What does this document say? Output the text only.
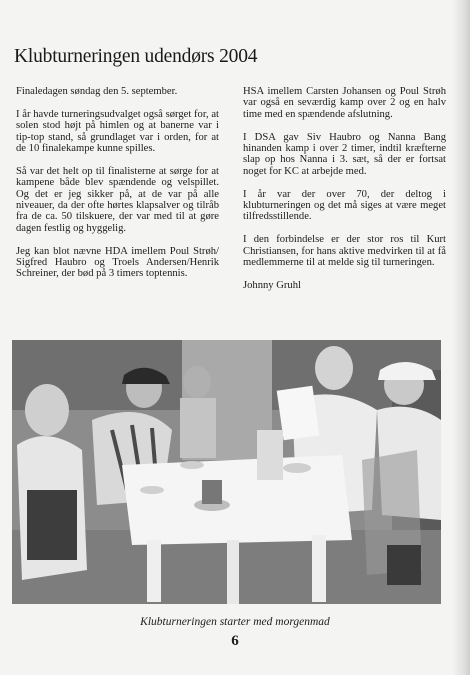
Klubturneringen udendørs 2004

Finaledagen søndag den 5. september.

I år havde turneringsudvalget også sørget for, at solen stod højt på himlen og at banerne var i tip-top stand, så grundlaget var i orden, for at de 10 finalekampe kunne spilles.

Så var det helt op til finalisterne at sørge for at kampene både blev spændende og velspillet. Og det er jeg sikker på, at de var på alle niveauer, da der ofte hørtes klapsalver og tilråb fra de ca. 50 tilskuere, der var med til at gøre dagen festlig og hyggelig.

Jeg kan blot nævne HDA imellem Poul Strøh/ Sigfred Haubro og Troels Andersen/Henrik Schreiner, der bød på 3 timers toptennis.

HSA imellem Carsten Johansen og Poul Strøh var også en seværdig kamp over 2 og en halv time med en spændende afslutning.

I DSA gav Siv Haubro og Nanna Bang hinanden kamp i over 2 timer, indtil kræfterne slap op hos Nanna i 3. sæt, så der er fortsat noget for KC at arbejde med.

I år var der over 70, der deltog i klubturneringen og det må siges at være meget tilfredsstillende.

I den forbindelse er der stor ros til Kurt Christiansen, for hans aktive medvirken til at få medlemmerne til at melde sig til turneringen.

Johnny Gruhl

Klubturneringen starter med morgenmad
6
